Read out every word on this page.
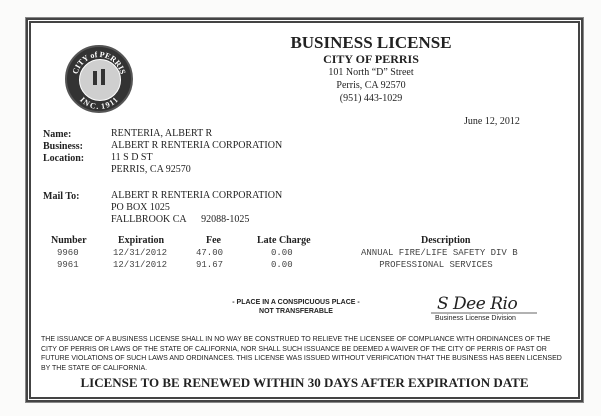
CITY of PERRIS
INC. 1911
BUSINESS LICENSE
CITY OF PERRIS
101 North “D” Street
Perris, CA 92570
(951) 443-1029
June 12, 2012
Name:	RENTERIA, ALBERT R
Business:	ALBERT R RENTERIA CORPORATION
Location:	11 S D ST
PERRIS, CA 92570
Mail To:	ALBERT R RENTERIA CORPORATION
PO BOX 1025
FALLBROOK CA      92088-1025
Number	Expiration	Fee	Late Charge	Description
9960	12/31/2012	47.00	0.00	ANNUAL FIRE/LIFE SAFETY DIV B
9961	12/31/2012	91.67	0.00	PROFESSIONAL SERVICES
- PLACE IN A CONSPICUOUS PLACE -
NOT TRANSFERABLE	S Dee Rio
Business License Division
THE ISSUANCE OF A BUSINESS LICENSE SHALL IN NO WAY BE CONSTRUED TO RELIEVE THE LICENSEE OF COMPLIANCE WITH ORDINANCES OF THE CITY OF PERRIS OR LAWS OF THE STATE OF CALIFORNIA, NOR SHALL SUCH ISSUANCE BE DEEMED A WAIVER OF THE CITY OF PERRIS OF PAST OR FUTURE VIOLATIONS OF SUCH LAWS AND ORDINANCES. THIS LICENSE WAS ISSUED WITHOUT VERIFICATION THAT THE BUSINESS HAS BEEN LICENSED BY THE STATE OF CALIFORNIA.
LICENSE TO BE RENEWED WITHIN 30 DAYS AFTER EXPIRATION DATE
